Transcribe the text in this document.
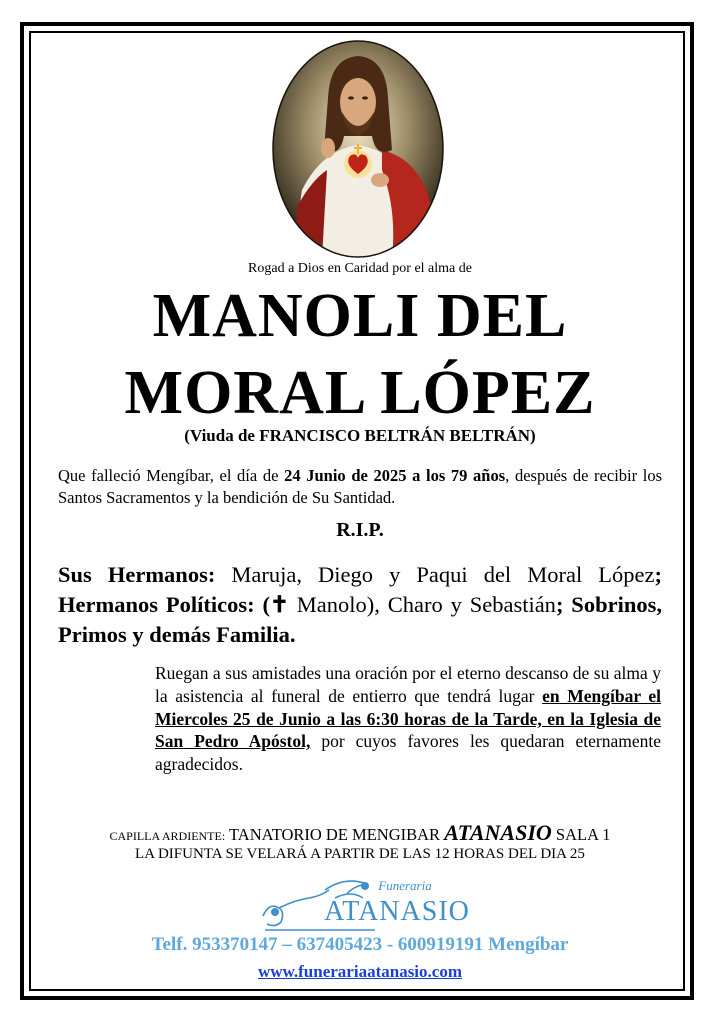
Rogad a Dios en Caridad por el alma de
MANOLI DEL
MORAL LÓPEZ
(Viuda de FRANCISCO BELTRÁN BELTRÁN)
Que falleció Mengíbar, el día de 24 Junio de 2025 a los 79 años, después de recibir los Santos Sacramentos y la bendición de Su Santidad.
R.I.P.
Sus Hermanos: Maruja, Diego y Paqui del Moral López; Hermanos Políticos: (✝ Manolo), Charo y Sebastián; Sobrinos, Primos y demás Familia.
Ruegan a sus amistades una oración por el eterno descanso de su alma y la asistencia al funeral de entierro que tendrá lugar en Mengíbar el Miercoles 25 de Junio a las 6:30 horas de la Tarde, en la Iglesia de San Pedro Apóstol, por cuyos favores les quedaran eternamente agradecidos.
CAPILLA ARDIENTE: TANATORIO DE MENGIBAR ATANASIO SALA 1
LA DIFUNTA SE VELARÁ A PARTIR DE LAS 12 HORAS DEL DIA 25
Funeraria
ATANASIO
Telf. 953370147 – 637405423 - 600919191 Mengíbar
www.funerariaatanasio.com
